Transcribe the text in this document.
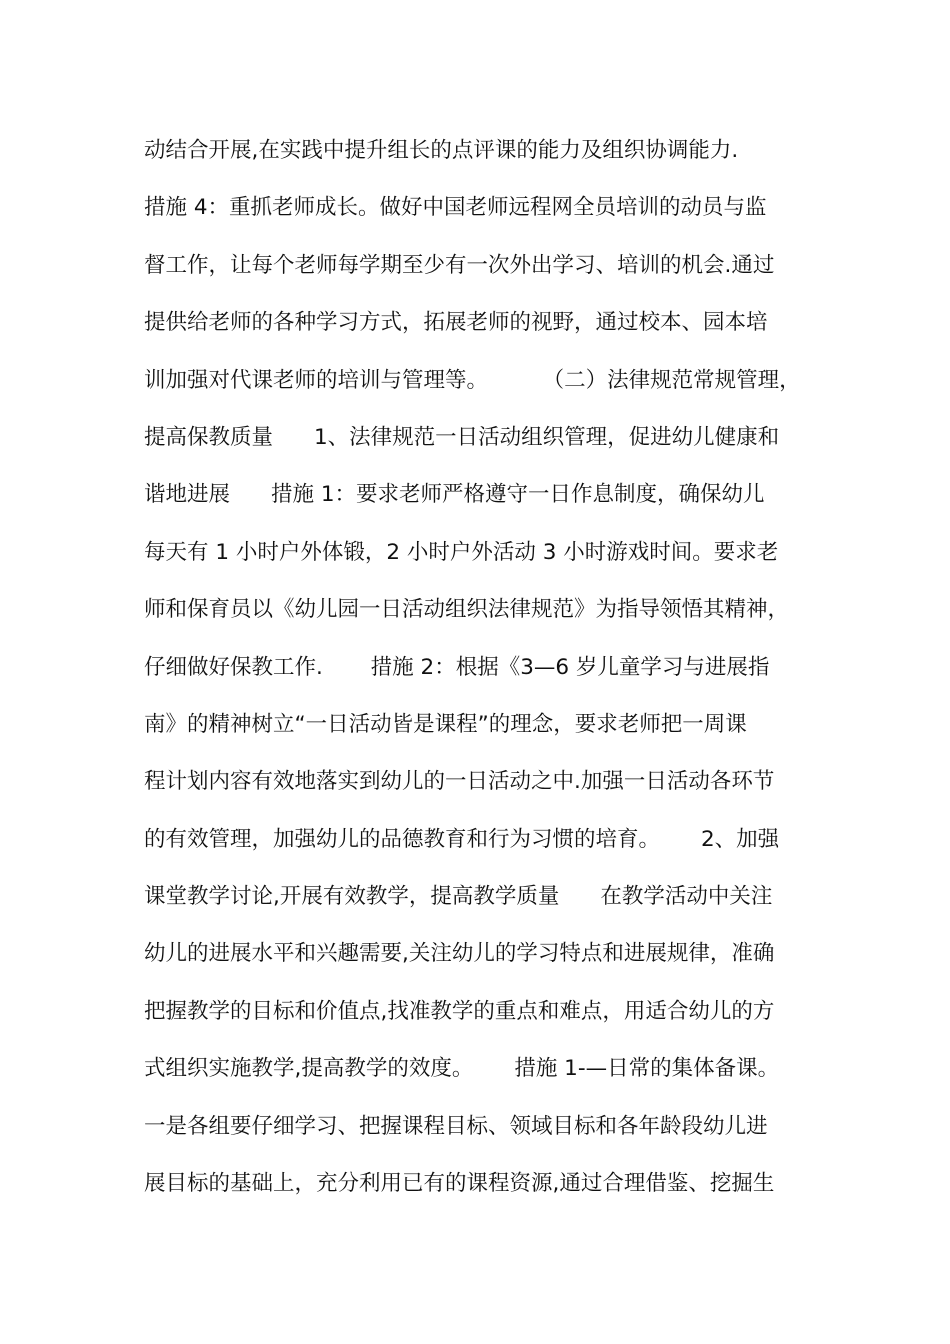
动结合开展,在实践中提升组长的点评课的能力及组织协调能力.
措施 4：重抓老师成长。做好中国老师远程网全员培训的动员与监
督工作，让每个老师每学期至少有一次外出学习、培训的机会.通过
提供给老师的各种学习方式，拓展老师的视野，通过校本、园本培
训加强对代课老师的培训与管理等。        （二）法律规范常规管理，
提高保教质量      1、法律规范一日活动组织管理，促进幼儿健康和
谐地进展      措施 1：要求老师严格遵守一日作息制度，确保幼儿
每天有 1 小时户外体锻，2 小时户外活动 3 小时游戏时间。要求老
师和保育员以《幼儿园一日活动组织法律规范》为指导领悟其精神，
仔细做好保教工作.       措施 2：根据《3—6 岁儿童学习与进展指
南》的精神树立“一日活动皆是课程”的理念，要求老师把一周课
程计划内容有效地落实到幼儿的一日活动之中.加强一日活动各环节
的有效管理，加强幼儿的品德教育和行为习惯的培育。      2、加强
课堂教学讨论,开展有效教学，提高教学质量      在教学活动中关注
幼儿的进展水平和兴趣需要,关注幼儿的学习特点和进展规律，准确
把握教学的目标和价值点,找准教学的重点和难点，用适合幼儿的方
式组织实施教学,提高教学的效度。      措施 1-—日常的集体备课。
一是各组要仔细学习、把握课程目标、领域目标和各年龄段幼儿进
展目标的基础上，充分利用已有的课程资源,通过合理借鉴、挖掘生
